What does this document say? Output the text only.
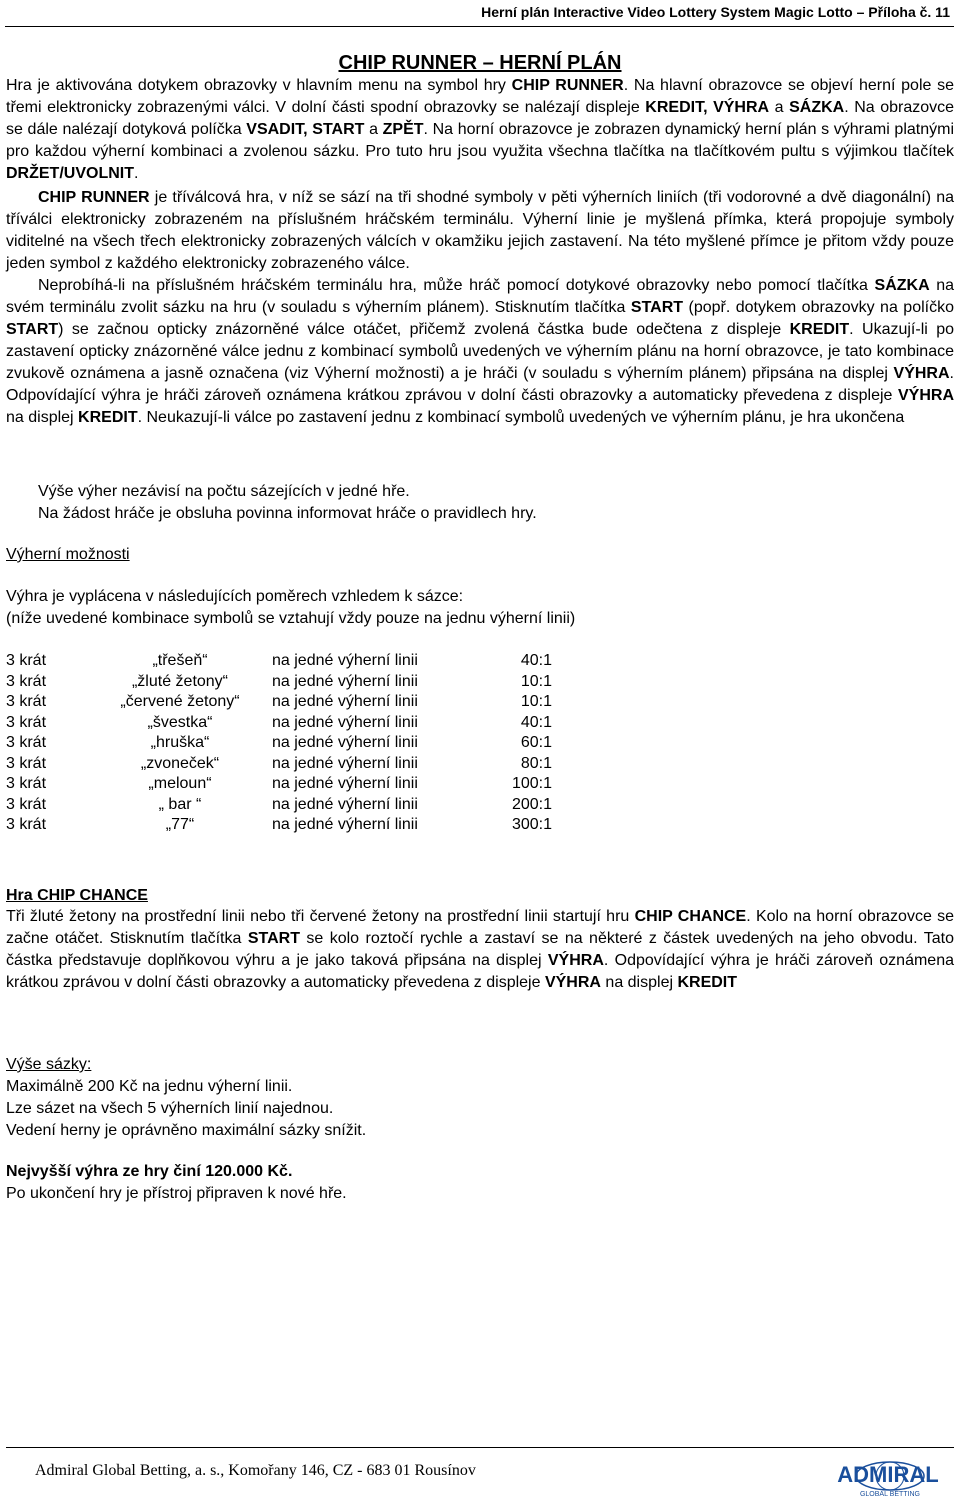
Herní plán Interactive Video Lottery System Magic Lotto – Příloha č. 11
CHIP RUNNER – HERNÍ PLÁN

Hra je aktivována dotykem obrazovky v hlavním menu na symbol hry CHIP RUNNER. Na hlavní obrazovce se objeví herní pole se třemi elektronicky zobrazenými válci. V dolní části spodní obrazovky se nalézají displeje KREDIT, VÝHRA a SÁZKA. Na obrazovce se dále nalézají dotyková políčka VSADIT, START a ZPĚT. Na horní obrazovce je zobrazen dynamický herní plán s výhrami platnými pro každou výherní kombinaci a zvolenou sázku. Pro tuto hru jsou využita všechna tlačítka na tlačítkovém pultu s výjimkou tlačítek DRŽET/UVOLNIT.

CHIP RUNNER je tříválcová hra, v níž se sází na tři shodné symboly v pěti výherních liniích (tři vodorovné a dvě diagonální) na tříválci elektronicky zobrazeném na příslušném hráčském terminálu. Výherní linie je myšlená přímka, která propojuje symboly viditelné na všech třech elektronicky zobrazených válcích v okamžiku jejich zastavení. Na této myšlené přímce je přitom vždy pouze jeden symbol z každého elektronicky zobrazeného válce.

Neprobíhá-li na příslušném hráčském terminálu hra, může hráč pomocí dotykové obrazovky nebo pomocí tlačítka SÁZKA na svém terminálu zvolit sázku na hru (v souladu s výherním plánem). Stisknutím tlačítka START (popř. dotykem obrazovky na políčko START) se začnou opticky znázorněné válce otáčet, přičemž zvolená částka bude odečtena z displeje KREDIT. Ukazují-li po zastavení opticky znázorněné válce jednu z kombinací symbolů uvedených ve výherním plánu na horní obrazovce, je tato kombinace zvukově oznámena a jasně označena (viz Výherní možnosti) a je hráči (v souladu s výherním plánem) připsána na displej VÝHRA. Odpovídající výhra je hráči zároveň oznámena krátkou zprávou v dolní části obrazovky a automaticky převedena z displeje VÝHRA na displej KREDIT. Neukazují-li válce po zastavení jednu z kombinací symbolů uvedených ve výherním plánu, je hra ukončena

Výše výher nezávisí na počtu sázejících v jedné hře.
Na žádost hráče je obsluha povinna informovat hráče o pravidlech hry.
Výherní možnosti
Výhra je vyplácena v následujících poměrech vzhledem k sázce:
(níže uvedené kombinace symbolů se vztahují vždy pouze na jednu výherní linii)
3 krát	„třešeň“	na jedné výherní linii	40:1
3 krát	„žluté žetony“	na jedné výherní linii	10:1
3 krát	„červené žetony“	na jedné výherní linii	10:1
3 krát	„švestka“	na jedné výherní linii	40:1
3 krát	„hruška“	na jedné výherní linii	60:1
3 krát	„zvoneček“	na jedné výherní linii	80:1
3 krát	„meloun“	na jedné výherní linii	100:1
3 krát	„ bar “	na jedné výherní linii	200:1
3 krát	„77“	na jedné výherní linii	300:1
Hra CHIP CHANCE

Tři žluté žetony na prostřední linii nebo tři červené žetony na prostřední linii startují hru CHIP CHANCE. Kolo na horní obrazovce se začne otáčet. Stisknutím tlačítka START se kolo roztočí rychle a zastaví se na některé z částek uvedených na jeho obvodu. Tato částka představuje doplňkovou výhru a je jako taková připsána na displej VÝHRA. Odpovídající výhra je hráči zároveň oznámena krátkou zprávou v dolní části obrazovky a automaticky převedena z displeje VÝHRA na displej KREDIT

Výše sázky:
Maximálně 200 Kč na jednu výherní linii.
Lze sázet na všech 5 výherních linií najednou.
Vedení herny je oprávněno maximální sázky snížit.
Nejvyšší výhra ze hry činí 120.000 Kč.
Po ukončení hry je přístroj připraven k nové hře.
Admiral Global Betting, a. s., Komořany 146, CZ - 683 01 Rousínov	ADMIRAL
GLOBAL BETTING
